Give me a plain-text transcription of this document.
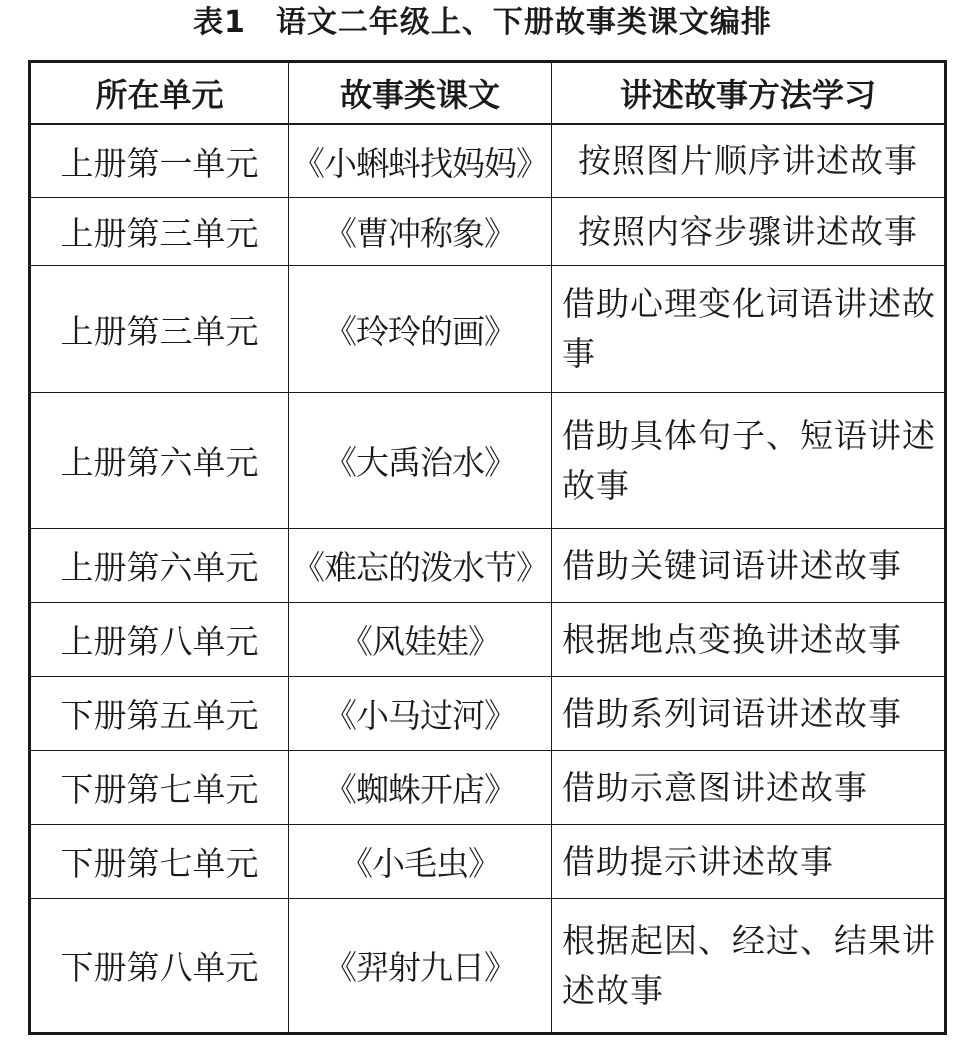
表1 语文二年级上、下册故事类课文编排
所在单元	故事类课文	讲述故事方法学习
上册第一单元	《小蝌蚪找妈妈》	按照图片顺序讲述故事
上册第三单元	《曹冲称象》	按照内容步骤讲述故事
上册第三单元	《玲玲的画》	借助心理变化词语讲述故事
上册第六单元	《大禹治水》	借助具体句子、短语讲述故事
上册第六单元	《难忘的泼水节》	借助关键词语讲述故事
上册第八单元	《风娃娃》	根据地点变换讲述故事
下册第五单元	《小马过河》	借助系列词语讲述故事
下册第七单元	《蜘蛛开店》	借助示意图讲述故事
下册第七单元	《小毛虫》	借助提示讲述故事
下册第八单元	《羿射九日》	根据起因、经过、结果讲述故事
